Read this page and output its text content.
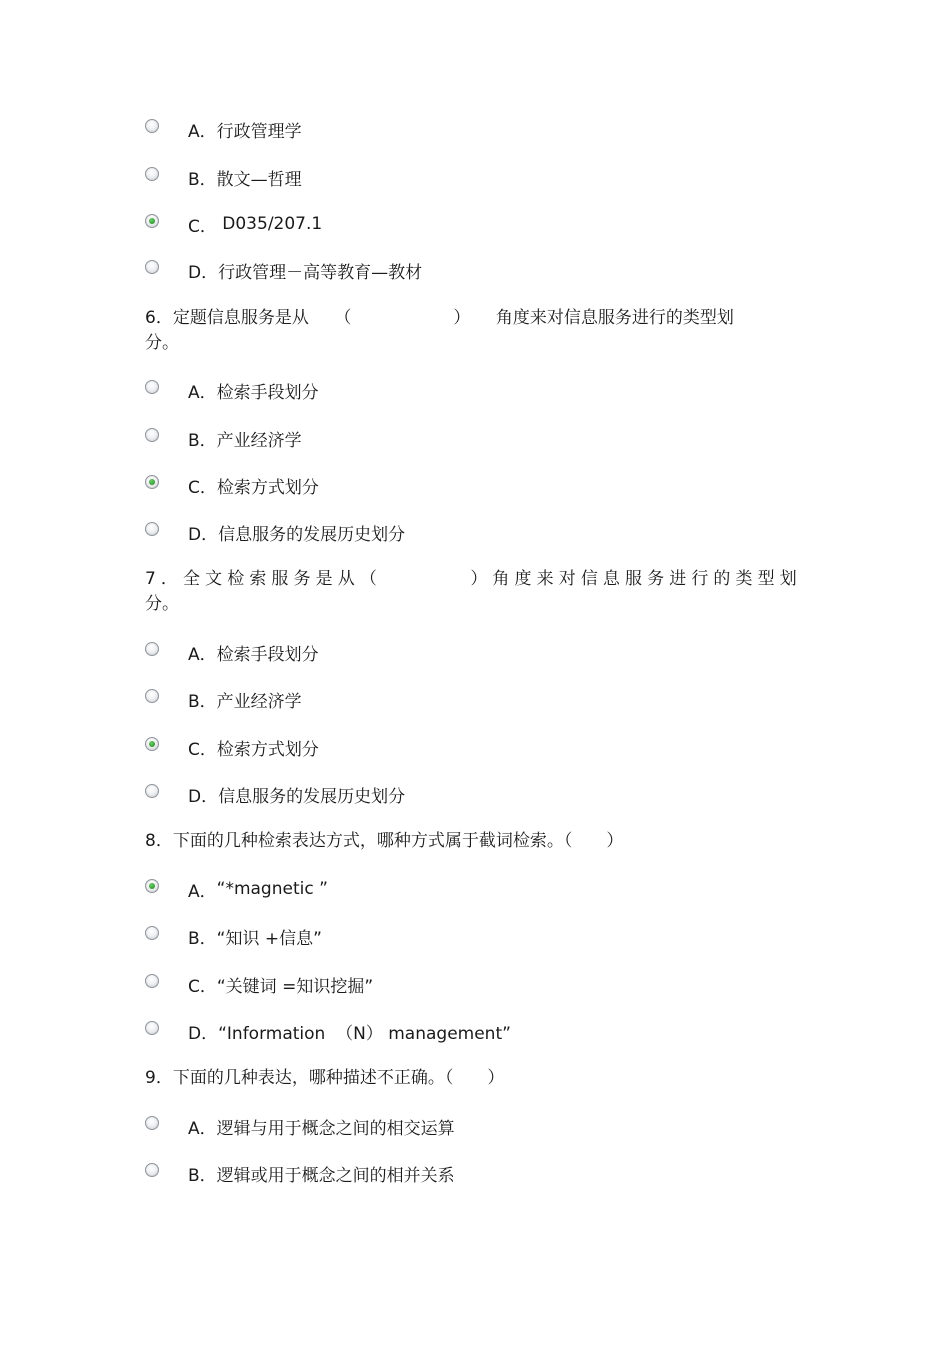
A． 行政管理学
B． 散文—哲理
C． D035/207.1
D． 行政管理－高等教育—教材
6．定题信息服务是从　　（　　　　　　）　　角度来对信息服务进行的类型划
分。
A． 检索手段划分
B． 产业经济学
C． 检索方式划分
D． 信息服务的发展历史划分
7．全文检索服务是从（　　　　）角度来对信息服务进行的类型划
分。
A． 检索手段划分
B． 产业经济学
C． 检索方式划分
D． 信息服务的发展历史划分
8．下面的几种检索表达方式，哪种方式属于截词检索。（　　）
A． “*magnetic ”
B． “知识 +信息”
C． “关键词 =知识挖掘”
D． “Information  （N） management”
9．下面的几种表达，哪种描述不正确。（　　）
A． 逻辑与用于概念之间的相交运算
B． 逻辑或用于概念之间的相并关系
